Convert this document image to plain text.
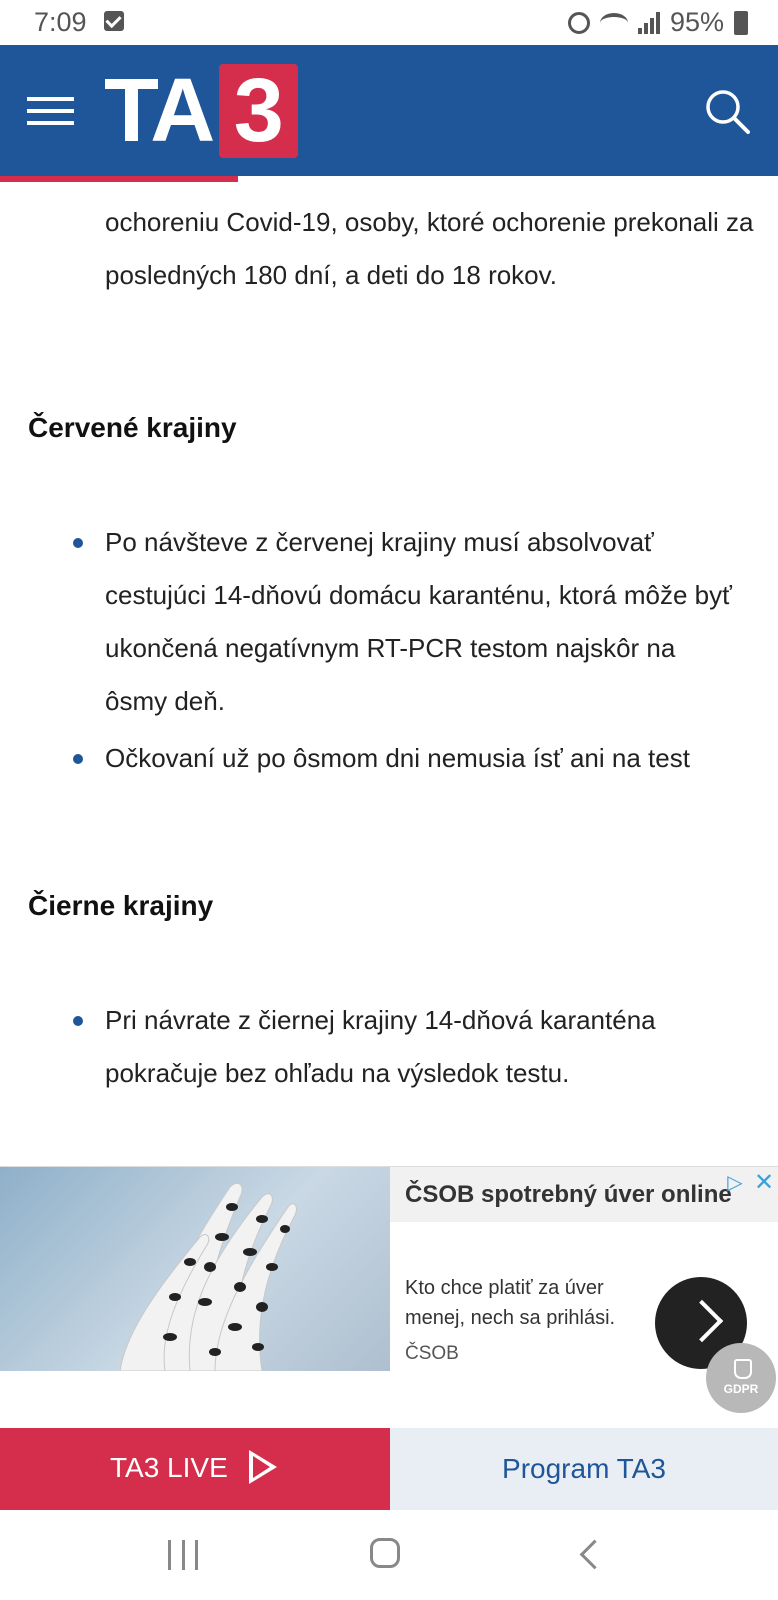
7:09	95%
TA 3
ochoreniu Covid-19, osoby, ktoré ochorenie prekonali za posledných 180 dní, a deti do 18 rokov.
Červené krajiny
Po návšteve z červenej krajiny musí absolvovať cestujúci 14-dňovú domácu karanténu, ktorá môže byť ukončená negatívnym RT-PCR testom najskôr na ôsmy deň.
Očkovaní už po ôsmom dni nemusia ísť ani na test
Čierne krajiny
Pri návrate z čiernej krajiny 14-dňová karanténa pokračuje bez ohľadu na výsledok testu.
ČSOB spotrebný úver online
▷ ✕
Kto chce platiť za úver menej, nech sa prihlási.
ČSOB
GDPR

TA3 LIVE	Program TA3
